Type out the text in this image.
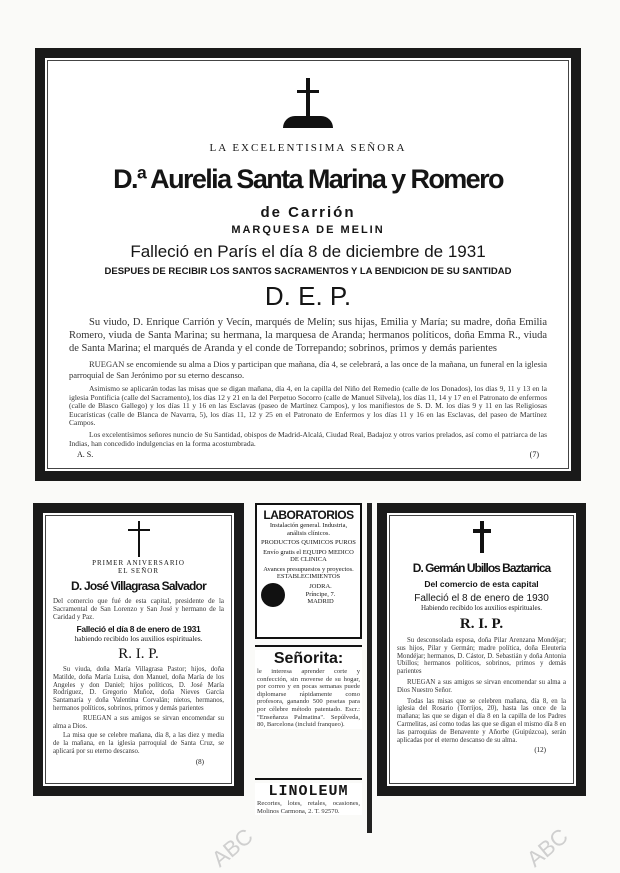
ABC	ABC
LA EXCELENTISIMA SEÑORA
D.ª Aurelia Santa Marina y Romero
de Carrión
MARQUESA DE MELIN
Falleció en París el día 8 de diciembre de 1931
DESPUES DE RECIBIR LOS SANTOS SACRAMENTOS Y LA BENDICION DE SU SANTIDAD
D. E. P.
Su viudo, D. Enrique Carrión y Vecín, marqués de Melín; sus hijas, Emilia y María; su madre, doña Emilia Romero, viuda de Santa Marina; su hermana, la marquesa de Aranda; hermanos políticos, doña Emma R., viuda de Santa Marina; el marqués de Aranda y el conde de Torrepando; sobrinos, primos y demás parientes
RUEGAN se encomiende su alma a Dios y participan que mañana, día 4, se celebrará, a las once de la mañana, un funeral en la iglesia parroquial de San Jerónimo por su eterno descanso.
Asimismo se aplicarán todas las misas que se digan mañana, día 4, en la capilla del Niño del Remedio (calle de los Donados), los días 9, 11 y 13 en la iglesia Pontificia (calle del Sacramento), los días 12 y 21 en la del Perpetuo Socorro (calle de Manuel Silvela), los días 11, 14 y 17 en el Patronato de enfermos (calle de Blasco Gallego) y los días 11 y 16 en las Esclavas (paseo de Martínez Campos), y los manifiestos de S. D. M. los días 9 y 11 en las Religiosas Eucarísticas (calle de Blanca de Navarra, 5), los días 11, 12 y 25 en el Patronato de Enfermos y los días 11 y 16 en las Esclavas, del paseo de Martínez Campos.
Los excelentísimos señores nuncio de Su Santidad, obispos de Madrid-Alcalá, Ciudad Real, Badajoz y otros varios prelados, así como el patriarca de las Indias, han concedido indulgencias en la forma acostumbrada.
A. S.	(7)
PRIMER ANIVERSARIO
EL SEÑOR
D. José Villagrasa Salvador
Del comercio que fué de esta capital, presidente de la Sacramental de San Lorenzo y San José y hermano de la Caridad y Paz.
Falleció el día 8 de enero de 1931
habiendo recibido los auxilios espirituales.
R. I. P.
Su viuda, doña María Villagrasa Pastor; hijos, doña Matilde, doña María Luisa, don Manuel, doña María de los Angeles y don Daniel; hijos políticos, D. José María Rodríguez, D. Gregorio Muñoz, doña Nieves García Santamaría y doña Valentina Corvalán; nietos, hermanos, hermanos políticos, sobrinos, primos y demás parientes
RUEGAN a sus amigos se sirvan encomendar su alma a Dios.
La misa que se celebre mañana, día 8, a las diez y media de la mañana, en la iglesia parroquial de Santa Cruz, se aplicará por su eterno descanso.
(8)
LABORATORIOS
Instalación general. Industria, análisis clínicos.
PRODUCTOS QUIMICOS PUROS
Envío gratis el EQUIPO MEDICO DE CLINICA
Avances presupuestos y proyectos. ESTABLECIMIENTOS
JODRA.
Príncipe, 7.
MADRID
Señorita:
le interesa aprender corte y confección, sin moverse de su hogar, por correo y en pocas semanas puede diplomarse rápidamente como profesora, ganando 500 pesetas para por célebre método patentado. Escr.: "Enseñanza Palmatina". Sepúlveda, 80, Barcelona (incluid franqueo).
LINOLEUM
Recortes, lotes, retales, ocasiones, Molinos Carmona, 2. T. 92570.
D. Germán Ubillos Baztarrica
Del comercio de esta capital
Falleció el 8 de enero de 1930
Habiendo recibido los auxilios espirituales.
R. I. P.
Su desconsolada esposa, doña Pilar Arenzana Mondéjar; sus hijos, Pilar y Germán; madre política, doña Eleuteria Mondéjar; hermanos, D. Cástor, D. Sebastián y doña Antonia Ubillos; hermanos políticos, sobrinos, primos y demás parientes
RUEGAN a sus amigos se sirvan encomendar su alma a Dios Nuestro Señor.
Todas las misas que se celebren mañana, día 8, en la iglesia del Rosario (Torrijos, 20), hasta las once de la mañana; las que se digan el día 8 en la capilla de los Padres Carmelitas, así como todas las que se digan el mismo día 8 en las parroquias de Benavente y Añorbe (Guipúzcoa), serán aplicadas por el eterno descanso de su alma.
(12)
